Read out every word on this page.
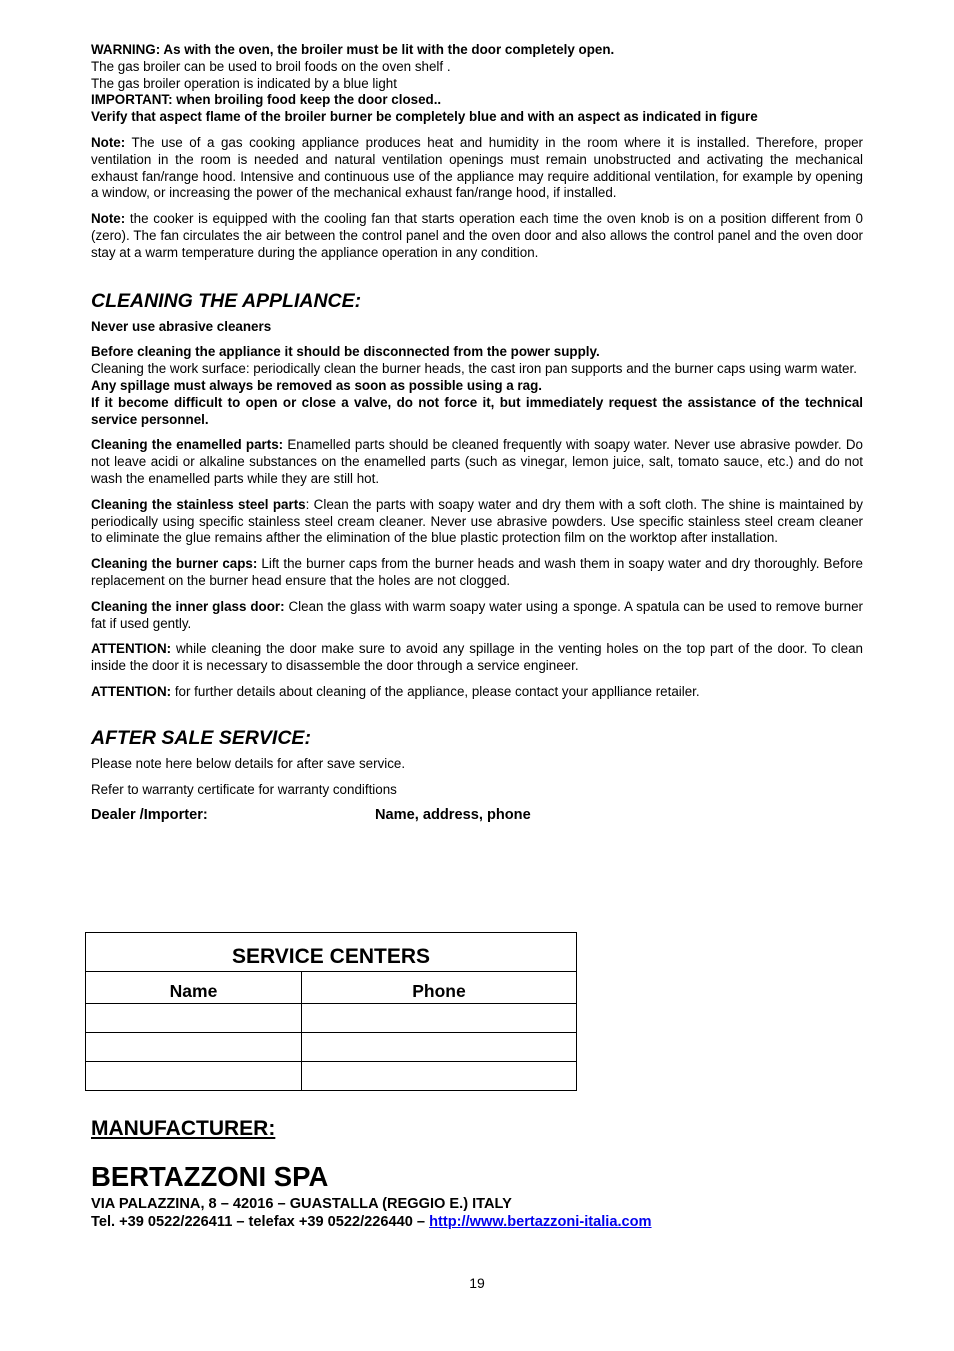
WARNING: As with the oven, the broiler must be lit with the door completely open.

The gas broiler can be used to broil foods on the oven shelf .

The gas broiler operation is indicated by a blue light

IMPORTANT: when broiling food keep the door closed..

Verify that aspect flame of the broiler burner be completely blue and with an aspect as indicated in figure

Note: The use of a gas cooking appliance produces heat and humidity in the room where it is installed. Therefore, proper ventilation in the room is needed and natural ventilation openings must remain unobstructed and activating the mechanical exhaust fan/range hood. Intensive and continuous use of the appliance may require additional ventilation, for example by opening a window, or increasing the power of the mechanical exhaust fan/range hood, if installed.

Note: the cooker is equipped with the cooling fan that starts operation each time the oven knob is on a position different from 0 (zero). The fan circulates the air between the control panel and the oven door and also allows the control panel and the oven door stay at a warm temperature during the appliance operation in any condition.

CLEANING THE APPLIANCE:

Never use abrasive cleaners

Before cleaning the appliance it should be disconnected from the power supply.

Cleaning the work surface: periodically clean the burner heads, the cast iron pan supports and the burner caps using warm water.

Any spillage must always be removed as soon as possible using a rag.

If it become difficult to open or close a valve, do not force it, but immediately request the assistance of the technical service personnel.

Cleaning the enamelled parts: Enamelled parts should be cleaned frequently with soapy water. Never use abrasive powder. Do not leave acidi or alkaline substances on the enamelled parts (such as vinegar, lemon juice, salt, tomato sauce, etc.) and do not wash the enamelled parts while they are still hot.

Cleaning the stainless steel parts: Clean the parts with soapy water and dry them with a soft cloth. The shine is maintained by periodically using specific stainless steel cream cleaner. Never use abrasive powders. Use specific stainless steel cream cleaner to eliminate the glue remains afther the elimination of the blue plastic protection film on the worktop after installation.

Cleaning the burner caps: Lift the burner caps from the burner heads and wash them in soapy water and dry thoroughly. Before replacement on the burner head ensure that the holes are not clogged.

Cleaning the inner glass door: Clean the glass with warm soapy water using a sponge. A spatula can be used to remove burner fat if used gently.

ATTENTION: while cleaning the door make sure to avoid any spillage in the venting holes on the top part of the door. To clean inside the door it is necessary to disassemble the door through a service engineer.

ATTENTION: for further details about cleaning of the appliance, please contact your applliance retailer.

AFTER SALE SERVICE:

Please note here below details for after save service.

Refer to warranty certificate for warranty condiftions

Dealer /Importer:	Name, address, phone
SERVICE CENTERS	
Name	Phone

MANUFACTURER:
BERTAZZONI SPA
VIA PALAZZINA, 8 – 42016 – GUASTALLA (REGGIO E.) ITALY
Tel. +39 0522/226411 – telefax +39 0522/226440 – http://www.bertazzoni-italia.com
19
